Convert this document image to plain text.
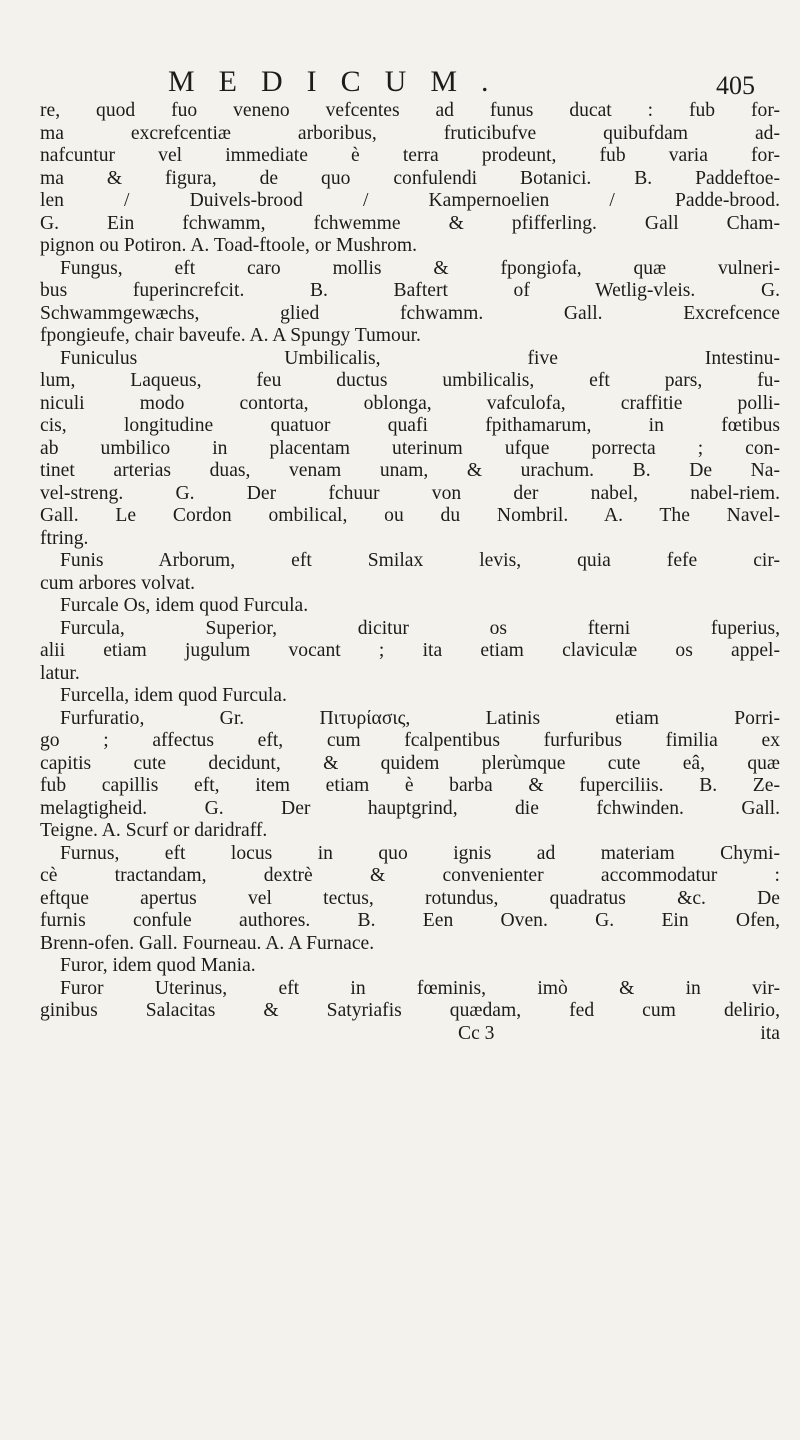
MEDICUM.	405
re, quod fuo veneno vefcentes ad funus ducat : fub for-
ma excrefcentiæ arboribus, fruticibufve quibufdam ad-
nafcuntur vel immediate è terra prodeunt, fub varia for-
ma & figura, de quo confulendi Botanici. B. Paddeftoe-
len / Duivels-brood / Kampernoelien / Padde-brood.
G. Ein fchwamm, fchwemme & pfifferling. Gall Cham-
pignon ou Potiron. A. Toad-ftoole, or Mushrom.
Fungus, eft caro mollis & fpongiofa, quæ vulneri-
bus fuperincrefcit. B. Baftert of Wetlig-vleis. G.
Schwammgewæchs, glied fchwamm. Gall. Excrefcence
fpongieufe, chair baveufe. A. A Spungy Tumour.
Funiculus Umbilicalis, five Intestinu-
lum, Laqueus, feu ductus umbilicalis, eft pars, fu-
niculi modo contorta, oblonga, vafculofa, craffitie polli-
cis, longitudine quatuor quafi fpithamarum, in fœtibus
ab umbilico in placentam uterinum ufque porrecta ; con-
tinet arterias duas, venam unam, & urachum. B. De Na-
vel-streng. G. Der fchuur von der nabel, nabel-riem.
Gall. Le Cordon ombilical, ou du Nombril. A. The Navel-
ftring.
Funis Arborum, eft Smilax levis, quia fefe cir-
cum arbores volvat.
Furcale Os, idem quod Furcula.
Furcula, Superior, dicitur os fterni fuperius,
alii etiam jugulum vocant ; ita etiam claviculæ os appel-
latur.
Furcella, idem quod Furcula.
Furfuratio, Gr. Πιτυρίασις, Latinis etiam Porri-
go ; affectus eft, cum fcalpentibus furfuribus fimilia ex
capitis cute decidunt, & quidem plerùmque cute eâ, quæ
fub capillis eft, item etiam è barba & fuperciliis. B. Ze-
melagtigheid. G. Der hauptgrind, die fchwinden. Gall.
Teigne. A. Scurf or daridraff.
Furnus, eft locus in quo ignis ad materiam Chymi-
cè tractandam, dextrè & convenienter accommodatur :
eftque apertus vel tectus, rotundus, quadratus &c. De
furnis confule authores. B. Een Oven. G. Ein Ofen,
Brenn-ofen. Gall. Fourneau. A. A Furnace.
Furor, idem quod Mania.
Furor Uterinus, eft in fœminis, imò & in vir-
ginibus Salacitas & Satyriafis quædam, fed cum delirio,
Cc 3	ita
